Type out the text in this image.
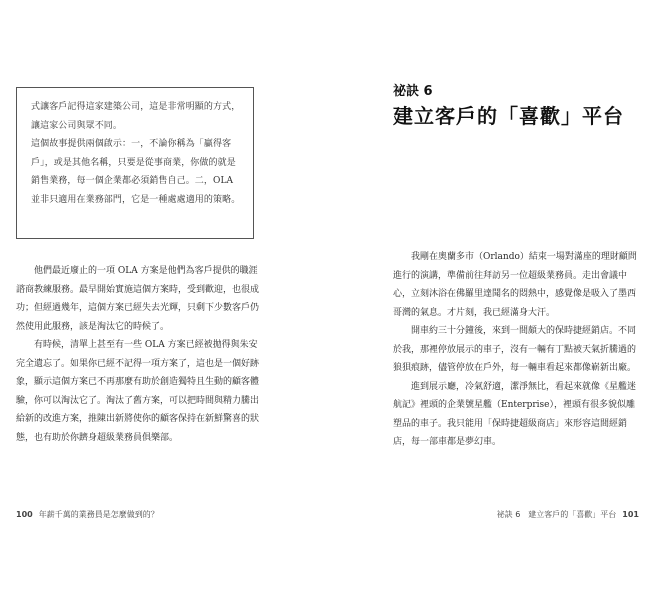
式讓客戶記得這家建築公司，這是非常明顯的方式，讓這家公司與眾不同。

這個故事提供兩個啟示：一，不論你稱為「贏得客戶」，或是其他名稱，只要是從事商業，你做的就是銷售業務，每一個企業都必須銷售自己。二，OLA 並非只適用在業務部門，它是一種處處適用的策略。

他們最近廢止的一項 OLA 方案是他們為客戶提供的職涯諮商教練服務。最早開始實施這個方案時，受到歡迎，也很成功；但經過幾年，這個方案已經失去光輝，只剩下少數客戶仍然使用此服務，該是淘汰它的時候了。

有時候，清單上甚至有一些 OLA 方案已經被拋得與朱安完全遺忘了。如果你已經不記得一項方案了，這也是一個好跡象，顯示這個方案已不再那麼有助於創造獨特且生動的顧客體驗，你可以淘汰它了。淘汰了舊方案，可以把時間與精力騰出給新的改進方案，推陳出新將使你的顧客保持在新鮮驚喜的狀態，也有助於你躋身超級業務員俱樂部。

100 年薪千萬的業務員是怎麼做到的？
祕訣 6
建立客戶的「喜歡」平台

我剛在奧蘭多市（Orlando）結束一場對滿座的理財顧問進行的演講，準備前往拜訪另一位超級業務員。走出會議中心，立刻沐浴在佛羅里達聞名的悶熱中，感覺像是吸入了墨西哥灣的氣息。才片刻，我已經滿身大汗。

開車約三十分鐘後，來到一間頗大的保時捷經銷店。不同於我，那裡停放展示的車子，沒有一輛有丁點被天氣折騰過的狼狽痕跡，儘管停放在戶外，每一輛車看起來都像嶄新出廠。

進到展示廳，冷氣舒適，潔淨無比，看起來就像《星艦迷航記》裡頭的企業號星艦（Enterprise），裡頭有很多貌似雕塑品的車子。我只能用「保時捷超級商店」來形容這間經銷店，每一部車都是夢幻車。

祕訣 6　建立客戶的「喜歡」平台 101
